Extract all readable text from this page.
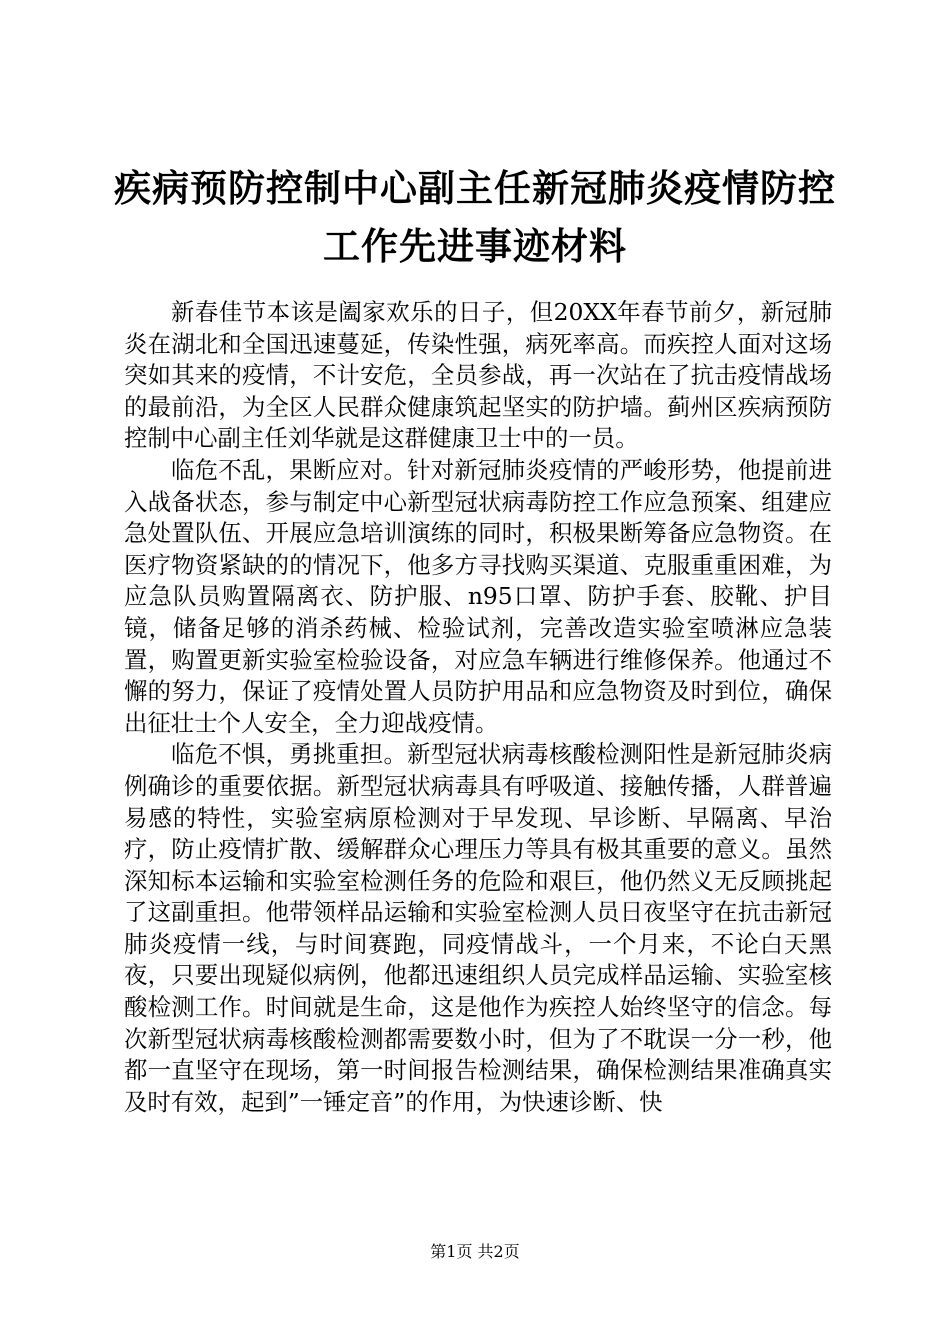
疾病预防控制中心副主任新冠肺炎疫情防控工作先进事迹材料

新春佳节本该是阖家欢乐的日子，但20XX年春节前夕，新冠肺炎在湖北和全国迅速蔓延，传染性强，病死率高。而疾控人面对这场突如其来的疫情，不计安危，全员参战，再一次站在了抗击疫情战场的最前沿，为全区人民群众健康筑起坚实的防护墙。蓟州区疾病预防控制中心副主任刘华就是这群健康卫士中的一员。

临危不乱，果断应对。针对新冠肺炎疫情的严峻形势，他提前进入战备状态，参与制定中心新型冠状病毒防控工作应急预案、组建应急处置队伍、开展应急培训演练的同时，积极果断筹备应急物资。在医疗物资紧缺的的情况下，他多方寻找购买渠道、克服重重困难，为应急队员购置隔离衣、防护服、n95口罩、防护手套、胶靴、护目镜，储备足够的消杀药械、检验试剂，完善改造实验室喷淋应急装置，购置更新实验室检验设备，对应急车辆进行维修保养。他通过不懈的努力，保证了疫情处置人员防护用品和应急物资及时到位，确保出征壮士个人安全，全力迎战疫情。

临危不惧，勇挑重担。新型冠状病毒核酸检测阳性是新冠肺炎病例确诊的重要依据。新型冠状病毒具有呼吸道、接触传播，人群普遍易感的特性，实验室病原检测对于早发现、早诊断、早隔离、早治疗，防止疫情扩散、缓解群众心理压力等具有极其重要的意义。虽然深知标本运输和实验室检测任务的危险和艰巨，他仍然义无反顾挑起了这副重担。他带领样品运输和实验室检测人员日夜坚守在抗击新冠肺炎疫情一线，与时间赛跑，同疫情战斗，一个月来，不论白天黑夜，只要出现疑似病例，他都迅速组织人员完成样品运输、实验室核酸检测工作。时间就是生命，这是他作为疾控人始终坚守的信念。每次新型冠状病毒核酸检测都需要数小时，但为了不耽误一分一秒，他都一直坚守在现场，第一时间报告检测结果，确保检测结果准确真实及时有效，起到”一锤定音”的作用，为快速诊断、快

第1页 共2页
